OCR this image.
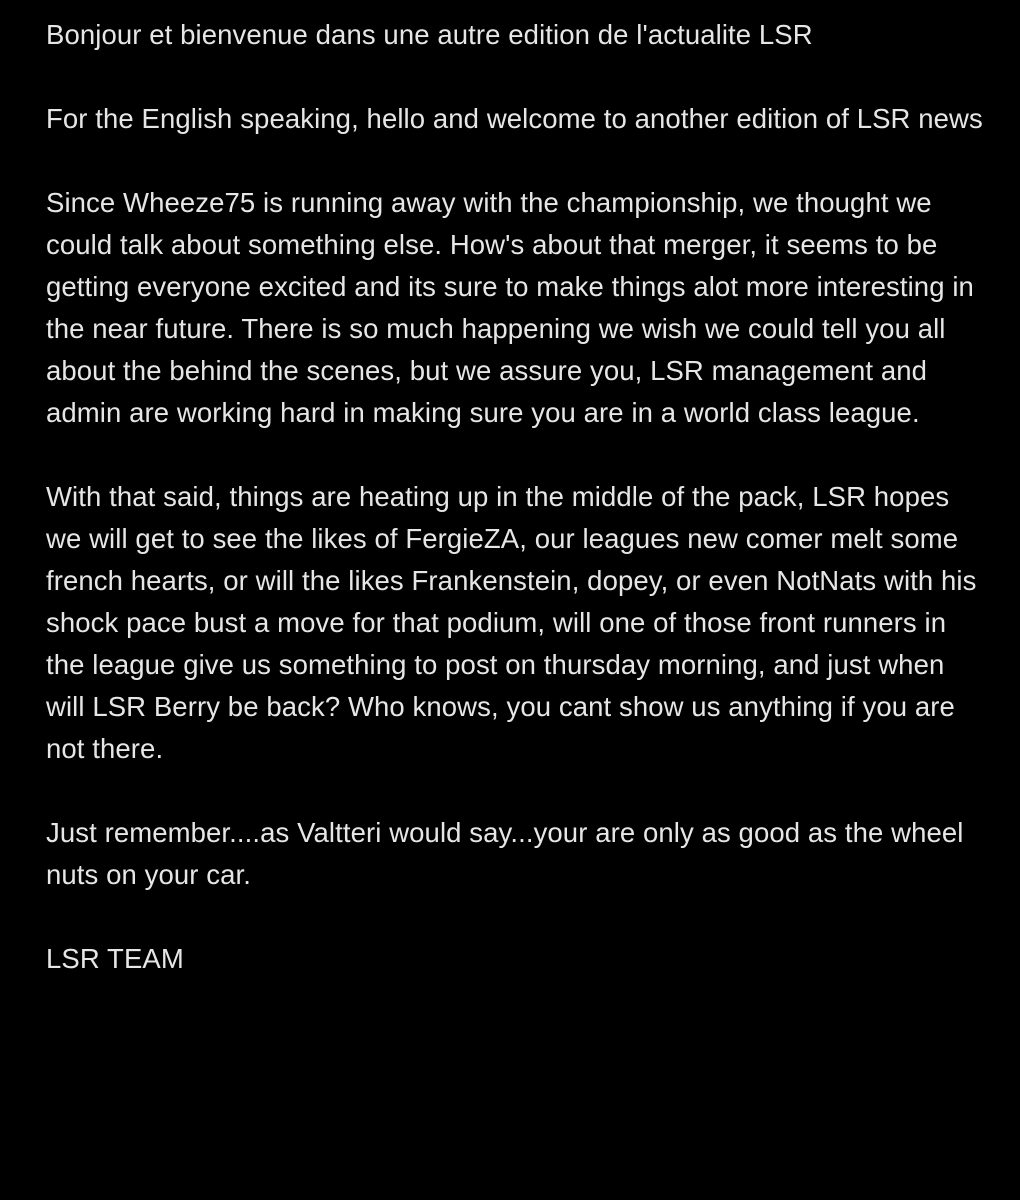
Bonjour et bienvenue dans une autre edition de l'actualite LSR

For the English speaking, hello and welcome to another edition of LSR news

Since Wheeze75 is running away with the championship, we thought we could talk about something else. How's about that merger, it seems to be getting everyone excited and its sure to make things alot more interesting in the near future. There is so much happening we wish we could tell you all about the behind the scenes, but we assure you, LSR management and admin are working hard in making sure you are in a world class league.

With that said, things are heating up in the middle of the pack, LSR hopes we will get to see the likes of FergieZA, our leagues new comer melt some french hearts, or will the likes Frankenstein, dopey, or even NotNats with his shock pace bust a move for that podium, will one of those front runners in the league give us something to post on thursday morning, and just when will LSR Berry be back? Who knows, you cant show us anything if you are not there.

Just remember....as Valtteri would say...your are only as good as the wheel nuts on your car.

LSR TEAM
